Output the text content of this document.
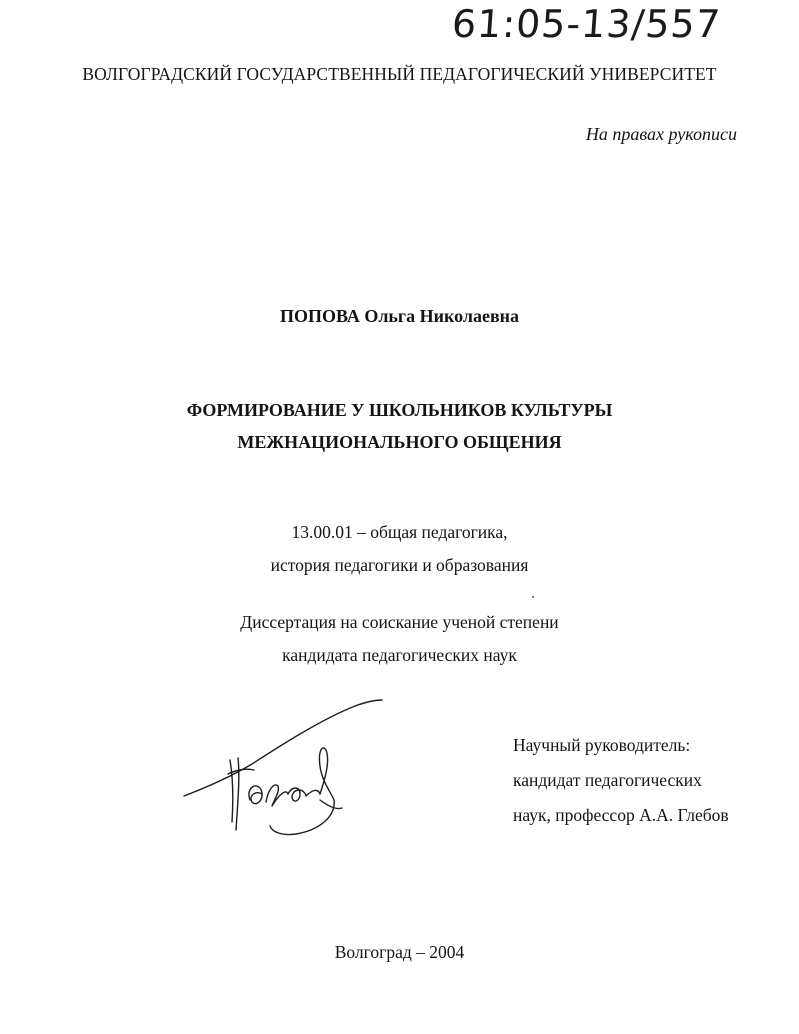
61:05-13/557
ВОЛГОГРАДСКИЙ ГОСУДАРСТВЕННЫЙ ПЕДАГОГИЧЕСКИЙ УНИВЕРСИТЕТ
На правах рукописи
ПОПОВА Ольга Николаевна
ФОРМИРОВАНИЕ У ШКОЛЬНИКОВ КУЛЬТУРЫ
МЕЖНАЦИОНАЛЬНОГО ОБЩЕНИЯ
13.00.01 – общая педагогика,
история педагогики и образования
Диссертация на соискание ученой степени
кандидата педагогических наук
Научный руководитель:
кандидат педагогических
наук, профессор А.А. Глебов
Волгоград – 2004
